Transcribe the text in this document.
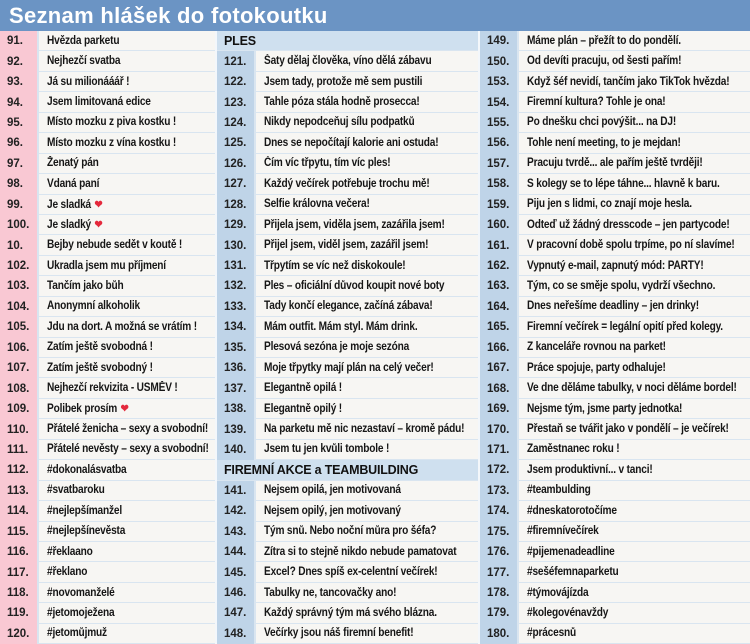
Seznam hlášek do fotokoutku
91.	Hvězda parketu
92.	Nejhezčí svatba
93.	Já su milionááář !
94.	Jsem limitovaná edice
95.	Místo mozku z piva kostku !
96.	Místo mozku z vína kostku !
97.	Ženatý pán
98.	Vdaná paní
99.	Je sladká ❤
100.	Je sladký ❤
10.	Bejby nebude sedět v koutě !
102.	Ukradla jsem mu příjmení
103.	Tančím jako bůh
104.	Anonymní alkoholik
105.	Jdu na dort. A možná se vrátím !
106.	Zatím ještě svobodná !
107.	Zatím ještě svobodný !
108.	Nejhezčí rekvizita - USMĚV !
109.	Polibek prosím ❤
110.	Přátelé ženicha – sexy a svobodní!
111.	Přátelé nevěsty – sexy a svobodní!
112.	#dokonalásvatba
113.	#svatbaroku
114.	#nejlepšímanžel
115.	#nejlepšínevěsta
116.	#řeklaano
117.	#řeklano
118.	#novomanželé
119.	#jetomoježena
120.	#jetomůjmuž
PLES
121.	Šaty dělaj člověka, víno dělá zábavu
122.	Jsem tady, protože mě sem pustili
123.	Tahle póza stála hodně prosecca!
124.	Nikdy nepodceňuj sílu podpatků
125.	Dnes se nepočítají kalorie ani ostuda!
126.	Čím víc třpytu, tím víc ples!
127.	Každý večírek potřebuje trochu mě!
128.	Selfie královna večera!
129.	Přijela jsem, viděla jsem, zazářila jsem!
130.	Přijel jsem, viděl jsem, zazářil jsem!
131.	Třpytím se víc než diskokoule!
132.	Ples – oficiální důvod koupit nové boty
133.	Tady končí elegance, začíná zábava!
134.	Mám outfit. Mám styl. Mám drink.
135.	Plesová sezóna je moje sezóna
136.	Moje třpytky mají plán na celý večer!
137.	Elegantně opilá !
138.	Elegantně opilý !
139.	Na parketu mě nic nezastaví – kromě pádu!
140.	Jsem tu jen kvůli tombole !
FIREMNÍ AKCE a TEAMBUILDING
141.	Nejsem opilá, jen motivovaná
142.	Nejsem opilý, jen motivovaný
143.	Tým snů. Nebo noční můra pro šéfa?
144.	Zítra si to stejně nikdo nebude pamatovat
145.	Excel? Dnes spíš ex-celentní večírek!
146.	Tabulky ne, tancovačky ano!
147.	Každý správný tým má svého blázna.
148.	Večírky jsou náš firemní benefit!
149.	Máme plán – přežít to do pondělí.
150.	Od devíti pracuju, od šesti pařím!
153.	Když šéf nevidí, tančím jako TikTok hvězda!
154.	Firemní kultura? Tohle je ona!
155.	Po dnešku chci povýšit... na DJ!
156.	Tohle není meeting, to je mejdan!
157.	Pracuju tvrdě... ale pařím ještě tvrději!
158.	S kolegy se to lépe táhne... hlavně k baru.
159.	Piju jen s lidmi, co znají moje hesla.
160.	Odteď už žádný dresscode – jen partycode!
161.	V pracovní době spolu trpíme, po ní slavíme!
162.	Vypnutý e-mail, zapnutý mód: PARTY!
163.	Tým, co se směje spolu, vydrží všechno.
164.	Dnes neřešíme deadliny – jen drinky!
165.	Firemní večírek = legální opití před kolegy.
166.	Z kanceláře rovnou na parket!
167.	Práce spojuje, party odhaluje!
168.	Ve dne děláme tabulky, v noci děláme bordel!
169.	Nejsme tým, jsme party jednotka!
170.	Přestaň se tvářit jako v pondělí – je večírek!
171.	Zaměstnanec roku !
172.	Jsem produktivní... v tanci!
173.	#teambulding
174.	#dneskatorotočíme
175.	#firemnívečírek
176.	#pijemenadeadline
177.	#sešéfemnaparketu
178.	#týmovájízda
179.	#kolegovénavždy
180.	#prácesnů
